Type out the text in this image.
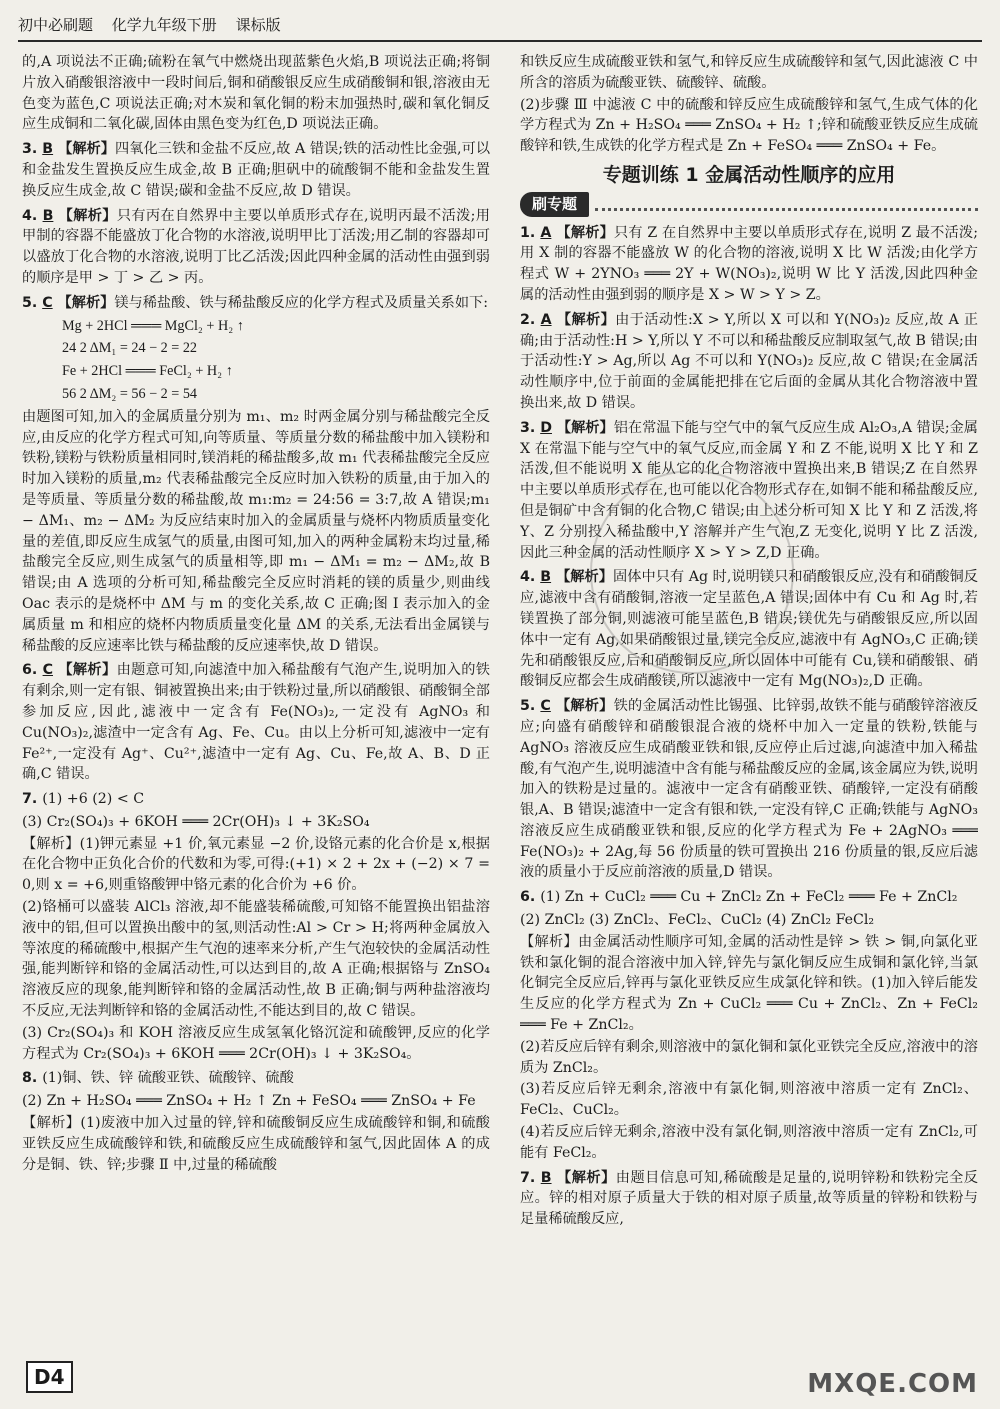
初中必刷题 化学九年级下册 课标版
的,A 项说法不正确;硫粉在氧气中燃烧出现蓝紫色火焰,B 项说法正确;将铜片放入硝酸银溶液中一段时间后,铜和硝酸银反应生成硝酸铜和银,溶液由无色变为蓝色,C 项说法正确;对木炭和氧化铜的粉末加强热时,碳和氧化铜反应生成铜和二氧化碳,固体由黑色变为红色,D 项说法正确。
3. B 【解析】四氧化三铁和金盐不反应,故 A 错误;铁的活动性比金强,可以和金盐发生置换反应生成金,故 B 正确;胆矾中的硫酸铜不能和金盐发生置换反应生成金,故 C 错误;碳和金盐不反应,故 D 错误。
4. B 【解析】只有丙在自然界中主要以单质形式存在,说明丙最不活泼;用甲制的容器不能盛放丁化合物的水溶液,说明甲比丁活泼;用乙制的容器却可以盛放丁化合物的水溶液,说明丁比乙活泼;因此四种金属的活动性由强到弱的顺序是甲 > 丁 > 乙 > 丙。
5. C 【解析】镁与稀盐酸、铁与稀盐酸反应的化学方程式及质量关系如下:
Mg + 2HCl ═══ MgCl₂ + H₂ ↑
24 2 ΔM₁ = 24 − 2 = 22
Fe + 2HCl ═══ FeCl₂ + H₂ ↑
56 2 ΔM₂ = 56 − 2 = 54
由题图可知,加入的金属质量分别为 m₁、m₂ 时两金属分别与稀盐酸完全反应,由反应的化学方程式可知,向等质量、等质量分数的稀盐酸中加入镁粉和铁粉,镁粉与铁粉质量相同时,镁消耗的稀盐酸多,故 m₁ 代表稀盐酸完全反应时加入镁粉的质量,m₂ 代表稀盐酸完全反应时加入铁粉的质量,由于加入的是等质量、等质量分数的稀盐酸,故 m₁:m₂ = 24:56 = 3:7,故 A 错误;m₁ − ΔM₁、m₂ − ΔM₂ 为反应结束时加入的金属质量与烧杯内物质质量变化量的差值,即反应生成氢气的质量,由图可知,加入的两种金属粉末均过量,稀盐酸完全反应,则生成氢气的质量相等,即 m₁ − ΔM₁ = m₂ − ΔM₂,故 B 错误;由 A 选项的分析可知,稀盐酸完全反应时消耗的镁的质量少,则曲线 Oac 表示的是烧杯中 ΔM 与 m 的变化关系,故 C 正确;图 Ⅰ 表示加入的金属质量 m 和相应的烧杯内物质质量变化量 ΔM 的关系,无法看出金属镁与稀盐酸的反应速率比铁与稀盐酸的反应速率快,故 D 错误。
6. C 【解析】由题意可知,向滤渣中加入稀盐酸有气泡产生,说明加入的铁有剩余,则一定有银、铜被置换出来;由于铁粉过量,所以硝酸银、硝酸铜全部参加反应,因此,滤液中一定含有 Fe(NO₃)₂,一定没有 AgNO₃ 和 Cu(NO₃)₂,滤渣中一定含有 Ag、Fe、Cu。由以上分析可知,滤液中一定有 Fe²⁺,一定没有 Ag⁺、Cu²⁺,滤渣中一定有 Ag、Cu、Fe,故 A、B、D 正确,C 错误。
7. (1) +6 (2) < C
(3) Cr₂(SO₄)₃ + 6KOH ═══ 2Cr(OH)₃ ↓ + 3K₂SO₄
【解析】(1)钾元素显 +1 价,氧元素显 −2 价,设铬元素的化合价是 x,根据在化合物中正负化合价的代数和为零,可得:(+1) × 2 + 2x + (−2) × 7 = 0,则 x = +6,则重铬酸钾中铬元素的化合价为 +6 价。
(2)铬桶可以盛装 AlCl₃ 溶液,却不能盛装稀硫酸,可知铬不能置换出铝盐溶液中的铝,但可以置换出酸中的氢,则活动性:Al > Cr > H;将两种金属放入等浓度的稀硫酸中,根据产生气泡的速率来分析,产生气泡较快的金属活动性强,能判断锌和铬的金属活动性,可以达到目的,故 A 正确;根据铬与 ZnSO₄ 溶液反应的现象,能判断锌和铬的金属活动性,故 B 正确;铜与两种盐溶液均不反应,无法判断锌和铬的金属活动性,不能达到目的,故 C 错误。
(3) Cr₂(SO₄)₃ 和 KOH 溶液反应生成氢氧化铬沉淀和硫酸钾,反应的化学方程式为 Cr₂(SO₄)₃ + 6KOH ═══ 2Cr(OH)₃ ↓ + 3K₂SO₄。
8. (1)铜、铁、锌 硫酸亚铁、硫酸锌、硫酸
(2) Zn + H₂SO₄ ═══ ZnSO₄ + H₂ ↑ Zn + FeSO₄ ═══ ZnSO₄ + Fe
【解析】(1)废液中加入过量的锌,锌和硫酸铜反应生成硫酸锌和铜,和硫酸亚铁反应生成硫酸锌和铁,和硫酸反应生成硫酸锌和氢气,因此固体 A 的成分是铜、铁、锌;步骤 Ⅱ 中,过量的稀硫酸
和铁反应生成硫酸亚铁和氢气,和锌反应生成硫酸锌和氢气,因此滤液 C 中所含的溶质为硫酸亚铁、硫酸锌、硫酸。
(2)步骤 Ⅲ 中滤液 C 中的硫酸和锌反应生成硫酸锌和氢气,生成气体的化学方程式为 Zn + H₂SO₄ ═══ ZnSO₄ + H₂ ↑;锌和硫酸亚铁反应生成硫酸锌和铁,生成铁的化学方程式是 Zn + FeSO₄ ═══ ZnSO₄ + Fe。
专题训练 1 金属活动性顺序的应用
刷专题
1. A 【解析】只有 Z 在自然界中主要以单质形式存在,说明 Z 最不活泼;用 X 制的容器不能盛放 W 的化合物的溶液,说明 X 比 W 活泼;由化学方程式 W + 2YNO₃ ═══ 2Y + W(NO₃)₂,说明 W 比 Y 活泼,因此四种金属的活动性由强到弱的顺序是 X > W > Y > Z。
2. A 【解析】由于活动性:X > Y,所以 X 可以和 Y(NO₃)₂ 反应,故 A 正确;由于活动性:H > Y,所以 Y 不可以和稀盐酸反应制取氢气,故 B 错误;由于活动性:Y > Ag,所以 Ag 不可以和 Y(NO₃)₂ 反应,故 C 错误;在金属活动性顺序中,位于前面的金属能把排在它后面的金属从其化合物溶液中置换出来,故 D 错误。
3. D 【解析】铝在常温下能与空气中的氧气反应生成 Al₂O₃,A 错误;金属 X 在常温下能与空气中的氧气反应,而金属 Y 和 Z 不能,说明 X 比 Y 和 Z 活泼,但不能说明 X 能从它的化合物溶液中置换出来,B 错误;Z 在自然界中主要以单质形式存在,也可能以化合物形式存在,如铜不能和稀盐酸反应,但是铜矿中含有铜的化合物,C 错误;由上述分析可知 X 比 Y 和 Z 活泼,将 Y、Z 分别投入稀盐酸中,Y 溶解并产生气泡,Z 无变化,说明 Y 比 Z 活泼,因此三种金属的活动性顺序 X > Y > Z,D 正确。
4. B 【解析】固体中只有 Ag 时,说明镁只和硝酸银反应,没有和硝酸铜反应,滤液中含有硝酸铜,溶液一定呈蓝色,A 错误;固体中有 Cu 和 Ag 时,若镁置换了部分铜,则滤液可能呈蓝色,B 错误;镁优先与硝酸银反应,所以固体中一定有 Ag,如果硝酸银过量,镁完全反应,滤液中有 AgNO₃,C 正确;镁先和硝酸银反应,后和硝酸铜反应,所以固体中可能有 Cu,镁和硝酸银、硝酸铜反应都会生成硝酸镁,所以滤液中一定有 Mg(NO₃)₂,D 正确。
5. C 【解析】铁的金属活动性比锡强、比锌弱,故铁不能与硝酸锌溶液反应;向盛有硝酸锌和硝酸银混合液的烧杯中加入一定量的铁粉,铁能与 AgNO₃ 溶液反应生成硝酸亚铁和银,反应停止后过滤,向滤渣中加入稀盐酸,有气泡产生,说明滤渣中含有能与稀盐酸反应的金属,该金属应为铁,说明加入的铁粉是过量的。滤液中一定含有硝酸亚铁、硝酸锌,一定没有硝酸银,A、B 错误;滤渣中一定含有银和铁,一定没有锌,C 正确;铁能与 AgNO₃ 溶液反应生成硝酸亚铁和银,反应的化学方程式为 Fe + 2AgNO₃ ═══ Fe(NO₃)₂ + 2Ag,每 56 份质量的铁可置换出 216 份质量的银,反应后滤液的质量小于反应前溶液的质量,D 错误。
6. (1) Zn + CuCl₂ ═══ Cu + ZnCl₂ Zn + FeCl₂ ═══ Fe + ZnCl₂
(2) ZnCl₂ (3) ZnCl₂、FeCl₂、CuCl₂ (4) ZnCl₂ FeCl₂
【解析】由金属活动性顺序可知,金属的活动性是锌 > 铁 > 铜,向氯化亚铁和氯化铜的混合溶液中加入锌,锌先与氯化铜反应生成铜和氯化锌,当氯化铜完全反应后,锌再与氯化亚铁反应生成氯化锌和铁。(1)加入锌后能发生反应的化学方程式为 Zn + CuCl₂ ═══ Cu + ZnCl₂、Zn + FeCl₂ ═══ Fe + ZnCl₂。
(2)若反应后锌有剩余,则溶液中的氯化铜和氯化亚铁完全反应,溶液中的溶质为 ZnCl₂。
(3)若反应后锌无剩余,溶液中有氯化铜,则溶液中溶质一定有 ZnCl₂、FeCl₂、CuCl₂。
(4)若反应后锌无剩余,溶液中没有氯化铜,则溶液中溶质一定有 ZnCl₂,可能有 FeCl₂。
7. B 【解析】由题目信息可知,稀硫酸是足量的,说明锌粉和铁粉完全反应。锌的相对原子质量大于铁的相对原子质量,故等质量的锌粉和铁粉与足量稀硫酸反应,
D4	MXQE.COM
